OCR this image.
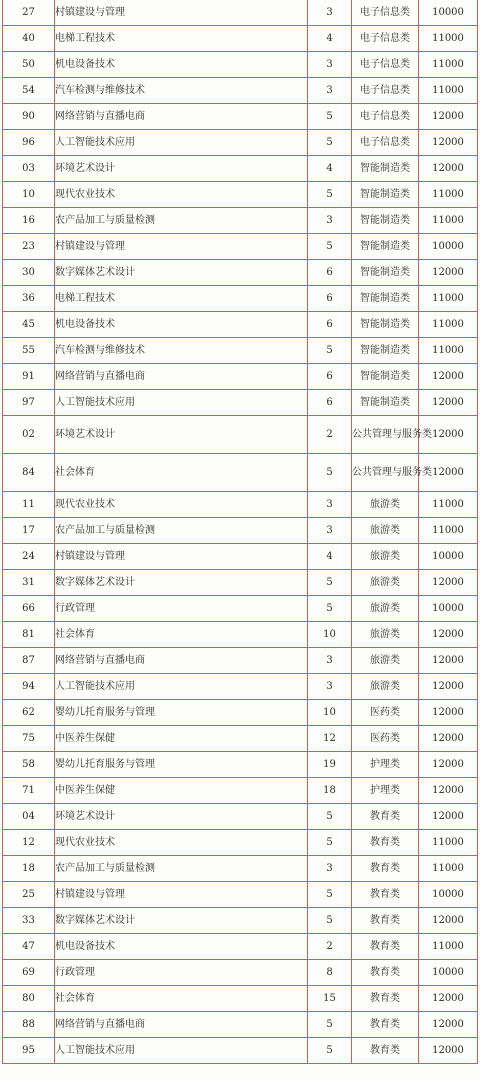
27	村镇建设与管理	3	电子信息类	10000
40	电梯工程技术	4	电子信息类	11000
50	机电设备技术	3	电子信息类	11000
54	汽车检测与维修技术	3	电子信息类	11000
90	网络营销与直播电商	5	电子信息类	12000
96	人工智能技术应用	5	电子信息类	12000
03	环境艺术设计	4	智能制造类	12000
10	现代农业技术	5	智能制造类	11000
16	农产品加工与质量检测	3	智能制造类	11000
23	村镇建设与管理	5	智能制造类	10000
30	数字媒体艺术设计	6	智能制造类	12000
36	电梯工程技术	6	智能制造类	11000
45	机电设备技术	6	智能制造类	11000
55	汽车检测与维修技术	5	智能制造类	11000
91	网络营销与直播电商	6	智能制造类	12000
97	人工智能技术应用	6	智能制造类	12000
02	环境艺术设计	2	公共管理与服务类	12000
84	社会体育	5	公共管理与服务类	12000
11	现代农业技术	3	旅游类	11000
17	农产品加工与质量检测	3	旅游类	11000
24	村镇建设与管理	4	旅游类	10000
31	数字媒体艺术设计	5	旅游类	12000
66	行政管理	5	旅游类	10000
81	社会体育	10	旅游类	12000
87	网络营销与直播电商	3	旅游类	12000
94	人工智能技术应用	3	旅游类	12000
62	婴幼儿托育服务与管理	10	医药类	12000
75	中医养生保健	12	医药类	12000
58	婴幼儿托育服务与管理	19	护理类	12000
71	中医养生保健	18	护理类	12000
04	环境艺术设计	5	教育类	12000
12	现代农业技术	5	教育类	11000
18	农产品加工与质量检测	3	教育类	11000
25	村镇建设与管理	5	教育类	10000
33	数字媒体艺术设计	5	教育类	12000
47	机电设备技术	2	教育类	11000
69	行政管理	8	教育类	10000
80	社会体育	15	教育类	12000
88	网络营销与直播电商	5	教育类	12000
95	人工智能技术应用	5	教育类	12000
